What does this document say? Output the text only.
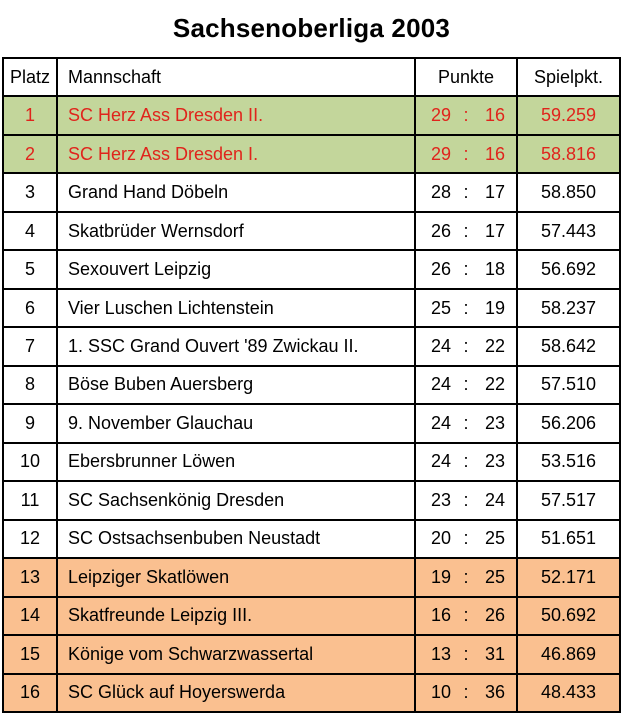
Sachsenoberliga 2003
Platz Mannschaft	Punkte	Spielpkt.
1	SC Herz Ass Dresden II.	29 : 16	59.259
2	SC Herz Ass Dresden I.	29 : 16	58.816
3	Grand Hand Döbeln	28 : 17	58.850
4	Skatbrüder Wernsdorf	26 : 17	57.443
5	Sexouvert Leipzig	26 : 18	56.692
6	Vier Luschen Lichtenstein	25 : 19	58.237
7	1. SSC Grand Ouvert '89 Zwickau II.	24 : 22	58.642
8	Böse Buben Auersberg	24 : 22	57.510
9	9. November Glauchau	24 : 23	56.206
10	Ebersbrunner Löwen	24 : 23	53.516
11	SC Sachsenkönig Dresden	23 : 24	57.517
12	SC Ostsachsenbuben Neustadt	20 : 25	51.651
13	Leipziger Skatlöwen	19 : 25	52.171
14	Skatfreunde Leipzig III.	16 : 26	50.692
15	Könige vom Schwarzwassertal	13 : 31	46.869
16	SC Glück auf Hoyerswerda	10 : 36	48.433
